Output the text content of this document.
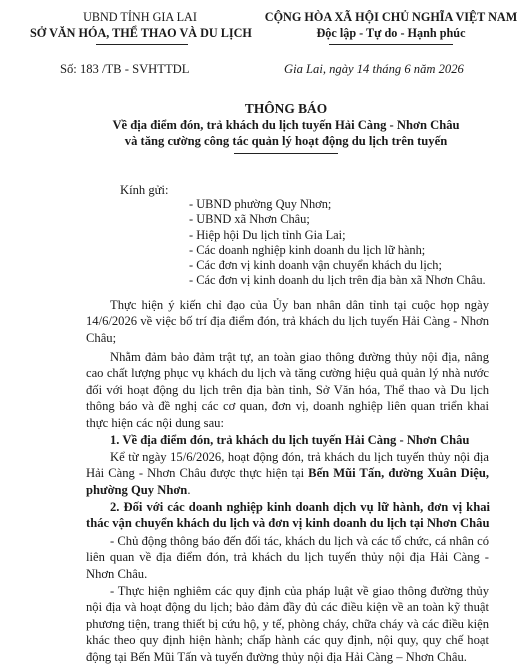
UBND TỈNH GIA LAI
SỞ VĂN HÓA, THỂ THAO VÀ DU LỊCH
CỘNG HÒA XÃ HỘI CHỦ NGHĨA VIỆT NAM
Độc lập - Tự do - Hạnh phúc
Số: 183 /TB - SVHTTDL	Gia Lai, ngày 14 tháng 6 năm 2026
THÔNG BÁO
Về địa điểm đón, trả khách du lịch tuyến Hải Càng - Nhơn Châu
và tăng cường công tác quản lý hoạt động du lịch trên tuyến
Kính gửi:
- UBND phường Quy Nhơn;
- UBND xã Nhơn Châu;
- Hiệp hội Du lịch tỉnh Gia Lai;
- Các doanh nghiệp kinh doanh du lịch lữ hành;
- Các đơn vị kinh doanh vận chuyển khách du lịch;
- Các đơn vị kinh doanh du lịch trên địa bàn xã Nhơn Châu.

Thực hiện ý kiến chỉ đạo của Ủy ban nhân dân tỉnh tại cuộc họp ngày 14/6/2026 về việc bố trí địa điểm đón, trả khách du lịch tuyến Hải Càng - Nhơn Châu;

Nhằm đảm bảo đảm trật tự, an toàn giao thông đường thủy nội địa, nâng cao chất lượng phục vụ khách du lịch và tăng cường hiệu quả quản lý nhà nước đối với hoạt động du lịch trên địa bàn tỉnh, Sở Văn hóa, Thể thao và Du lịch thông báo và đề nghị các cơ quan, đơn vị, doanh nghiệp liên quan triển khai thực hiện các nội dung sau:

1. Về địa điểm đón, trả khách du lịch tuyến Hải Càng - Nhơn Châu

Kể từ ngày 15/6/2026, hoạt động đón, trả khách du lịch tuyến thủy nội địa Hải Càng - Nhơn Châu được thực hiện tại Bến Mũi Tấn, đường Xuân Diệu, phường Quy Nhơn.

2. Đối với các doanh nghiệp kinh doanh dịch vụ lữ hành, đơn vị khai thác vận chuyển khách du lịch và đơn vị kinh doanh du lịch tại Nhơn Châu

- Chủ động thông báo đến đối tác, khách du lịch và các tổ chức, cá nhân có liên quan về địa điểm đón, trả khách du lịch tuyến thủy nội địa Hải Càng - Nhơn Châu.

- Thực hiện nghiêm các quy định của pháp luật về giao thông đường thủy nội địa và hoạt động du lịch; bảo đảm đầy đủ các điều kiện về an toàn kỹ thuật phương tiện, trang thiết bị cứu hộ, y tế, phòng cháy, chữa cháy và các điều kiện khác theo quy định hiện hành; chấp hành các quy định, nội quy, quy chế hoạt động tại Bến Mũi Tấn và tuyến đường thủy nội địa Hải Càng – Nhơn Châu.
